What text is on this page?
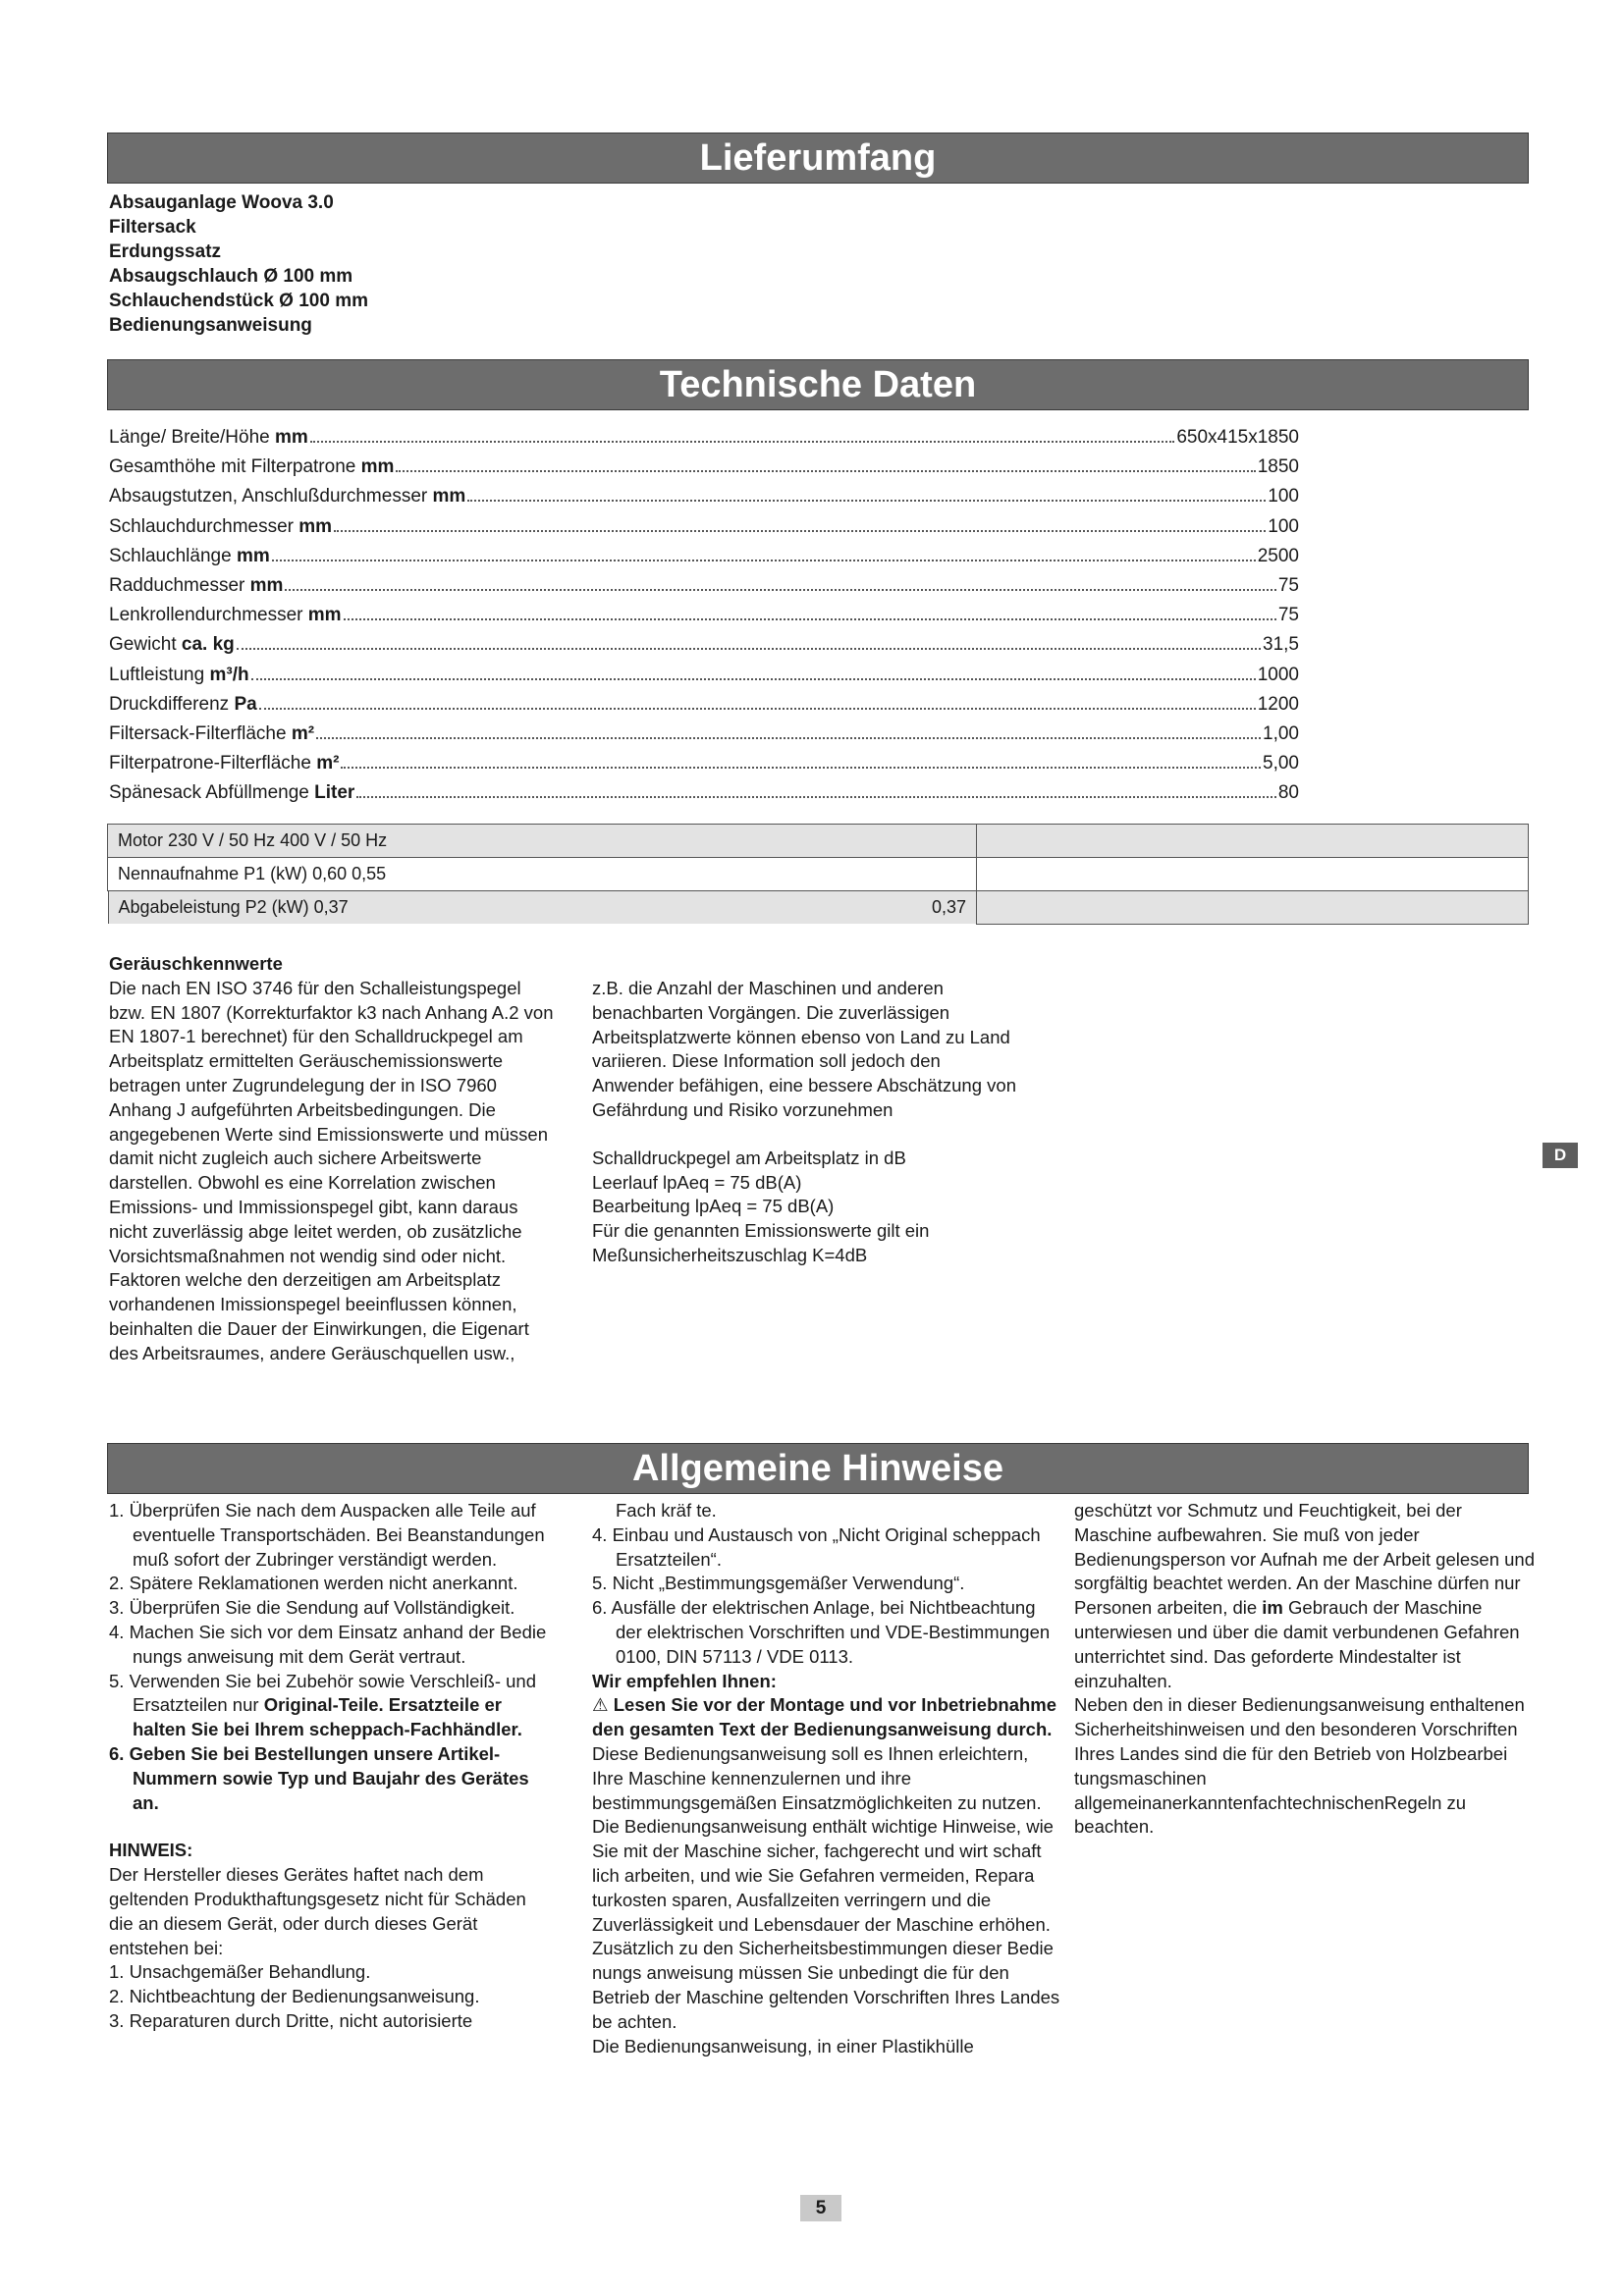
Lieferumfang
Absauganlage Woova 3.0
Filtersack
Erdungssatz
Absaugschlauch Ø 100 mm
Schlauchendstück Ø 100 mm
Bedienungsanweisung
Technische Daten
Länge/ Breite/Höhe mm	650x415x1850
Gesamthöhe mit Filterpatrone mm	1850
Absaugstutzen, Anschlußdurchmesser mm	100
Schlauchdurchmesser mm	100
Schlauchlänge mm	2500
Radduchmesser mm	75
Lenkrollendurchmesser mm	75
Gewicht ca. kg	31,5
Luftleistung m³/h	1000
Druckdifferenz Pa	1200
Filtersack-Filterfläche m²	1,00
Filterpatrone-Filterfläche m²	5,00
Spänesack Abfüllmenge Liter	80
Motor 230 V / 50 Hz 400 V / 50 Hz	
Nennaufnahme P1 (kW) 0,60 0,55	

Abgabeleistung P2 (kW) 0,37	0,37

Geräuschkennwerte

Die nach EN ISO 3746 für den Schalleistungspegel bzw. EN 1807 (Korrekturfaktor k3 nach Anhang A.2 von EN 1807-1 berechnet) für den Schalldruckpegel am Arbeitsplatz ermittelten Geräuschemissionswerte betragen unter Zugrundelegung der in ISO 7960 Anhang J aufgeführten Arbeitsbedingungen. Die angegebenen Werte sind Emissionswerte und müssen damit nicht zugleich auch sichere Arbeitswerte darstellen. Obwohl es eine Korrelation zwischen Emissions- und Immissionspegel gibt, kann daraus nicht zuverlässig abge leitet werden, ob zusätzliche Vorsichtsmaßnahmen not wendig sind oder nicht. Faktoren welche den derzeitigen am Arbeitsplatz vorhandenen Imissionspegel beeinflussen können, beinhalten die Dauer der Einwirkungen, die Eigenart des Arbeitsraumes, andere Geräuschquellen usw.,

z.B. die Anzahl der Maschinen und anderen benachbarten Vorgängen. Die zuverlässigen Arbeitsplatzwerte können ebenso von Land zu Land variieren. Diese Information soll jedoch den Anwender befähigen, eine bessere Abschätzung von Gefährdung und Risiko vorzunehmen

Schalldruckpegel am Arbeitsplatz in dB

Leerlauf lpAeq = 75 dB(A)

Bearbeitung lpAeq = 75 dB(A)

Für die genannten Emissionswerte gilt ein Meßunsicherheitszuschlag K=4dB

D
Allgemeine Hinweise

1. Überprüfen Sie nach dem Auspacken alle Teile auf eventuelle Transportschäden. Bei Beanstandungen muß sofort der Zubringer verständigt werden.

2. Spätere Reklamationen werden nicht anerkannt.

3. Überprüfen Sie die Sendung auf Vollständigkeit.

4. Machen Sie sich vor dem Einsatz anhand der Bedie nungs anweisung mit dem Gerät vertraut.

5. Verwenden Sie bei Zubehör sowie Verschleiß- und Ersatzteilen nur Original-Teile. Ersatzteile er halten Sie bei Ihrem scheppach-Fachhändler.

6. Geben Sie bei Bestellungen unsere Artikel-Nummern sowie Typ und Baujahr des Gerätes an.

HINWEIS:

Der Hersteller dieses Gerätes haftet nach dem geltenden Produkthaftungsgesetz nicht für Schäden die an diesem Gerät, oder durch dieses Gerät entstehen bei:

1. Unsachgemäßer Behandlung.

2. Nichtbeachtung der Bedienungsanweisung.

3. Reparaturen durch Dritte, nicht autorisierte

Fach kräf te.

4. Einbau und Austausch von „Nicht Original scheppach Ersatzteilen“.

5. Nicht „Bestimmungsgemäßer Verwendung“.

6. Ausfälle der elektrischen Anlage, bei Nichtbeachtung der elektrischen Vorschriften und VDE-Bestimmungen 0100, DIN 57113 / VDE 0113.

Wir empfehlen Ihnen:

⚠ Lesen Sie vor der Montage und vor Inbetriebnahme den gesamten Text der Bedienungsanweisung durch.

Diese Bedienungsanweisung soll es Ihnen erleichtern, Ihre Maschine kennenzulernen und ihre bestimmungsgemäßen Einsatzmöglichkeiten zu nutzen.

Die Bedienungsanweisung enthält wichtige Hinweise, wie Sie mit der Maschine sicher, fachgerecht und wirt schaft lich arbeiten, und wie Sie Gefahren vermeiden, Repara turkosten sparen, Ausfallzeiten verringern und die Zuverlässigkeit und Lebensdauer der Maschine erhöhen.

Zusätzlich zu den Sicherheitsbestimmungen dieser Bedie nungs anweisung müssen Sie unbedingt die für den Betrieb der Maschine geltenden Vorschriften Ihres Landes be achten.

Die Bedienungsanweisung, in einer Plastikhülle

geschützt vor Schmutz und Feuchtigkeit, bei der Maschine aufbewahren. Sie muß von jeder Bedienungsperson vor Aufnah me der Arbeit gelesen und sorgfältig beachtet werden. An der Maschine dürfen nur Personen arbeiten, die im Gebrauch der Maschine unterwiesen und über die damit verbundenen Gefahren unterrichtet sind. Das geforderte Mindestalter ist einzuhalten.

Neben den in dieser Bedienungsanweisung enthaltenen Sicherheitshinweisen und den besonderen Vorschriften Ihres Landes sind die für den Betrieb von Holzbearbei tungsmaschinen allgemeinanerkanntenfachtechnischenRegeln zu beachten.

5
